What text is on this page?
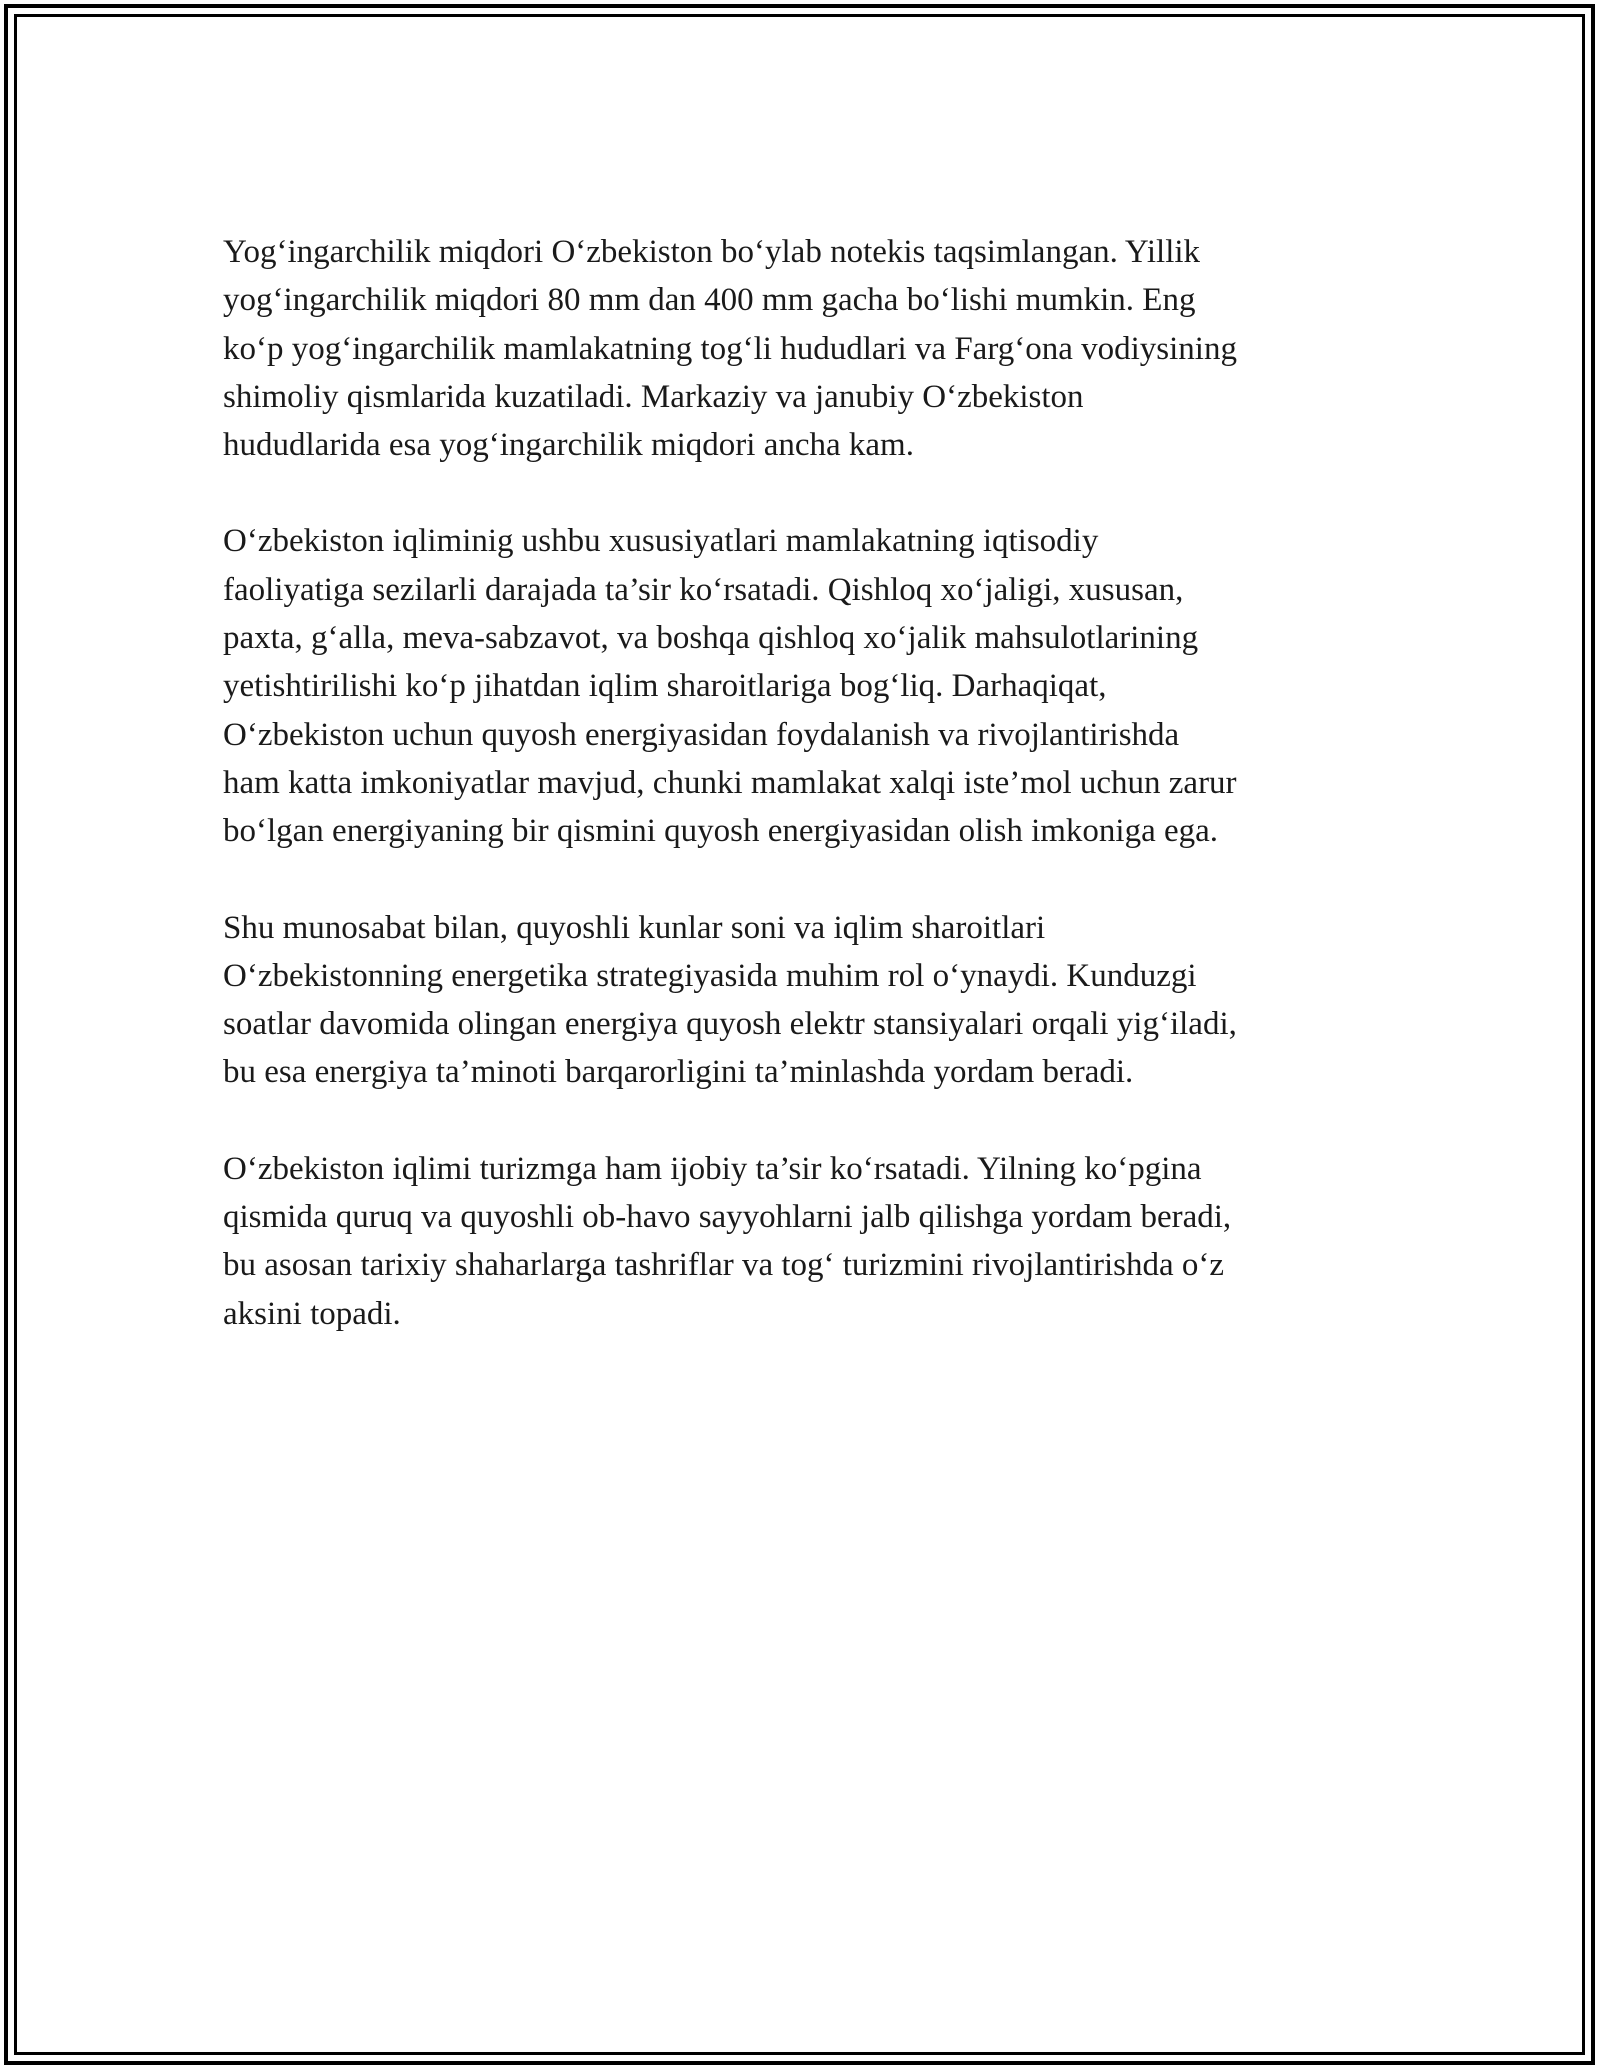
Yog‘ingarchilik miqdori O‘zbekiston bo‘ylab notekis taqsimlangan. Yillik
yog‘ingarchilik miqdori 80 mm dan 400 mm gacha bo‘lishi mumkin. Eng
ko‘p yog‘ingarchilik mamlakatning tog‘li hududlari va Farg‘ona vodiysining
shimoliy qismlarida kuzatiladi. Markaziy va janubiy O‘zbekiston
hududlarida esa yog‘ingarchilik miqdori ancha kam.

O‘zbekiston iqliminig ushbu xususiyatlari mamlakatning iqtisodiy
faoliyatiga sezilarli darajada ta’sir ko‘rsatadi. Qishloq xo‘jaligi, xususan,
paxta, g‘alla, meva-sabzavot, va boshqa qishloq xo‘jalik mahsulotlarining
yetishtirilishi ko‘p jihatdan iqlim sharoitlariga bog‘liq. Darhaqiqat,
O‘zbekiston uchun quyosh energiyasidan foydalanish va rivojlantirishda
ham katta imkoniyatlar mavjud, chunki mamlakat xalqi iste’mol uchun zarur
bo‘lgan energiyaning bir qismini quyosh energiyasidan olish imkoniga ega.

Shu munosabat bilan, quyoshli kunlar soni va iqlim sharoitlari
O‘zbekistonning energetika strategiyasida muhim rol o‘ynaydi. Kunduzgi
soatlar davomida olingan energiya quyosh elektr stansiyalari orqali yig‘iladi,
bu esa energiya ta’minoti barqarorligini ta’minlashda yordam beradi.

O‘zbekiston iqlimi turizmga ham ijobiy ta’sir ko‘rsatadi. Yilning ko‘pgina
qismida quruq va quyoshli ob-havo sayyohlarni jalb qilishga yordam beradi,
bu asosan tarixiy shaharlarga tashriflar va tog‘ turizmini rivojlantirishda o‘z
aksini topadi.
